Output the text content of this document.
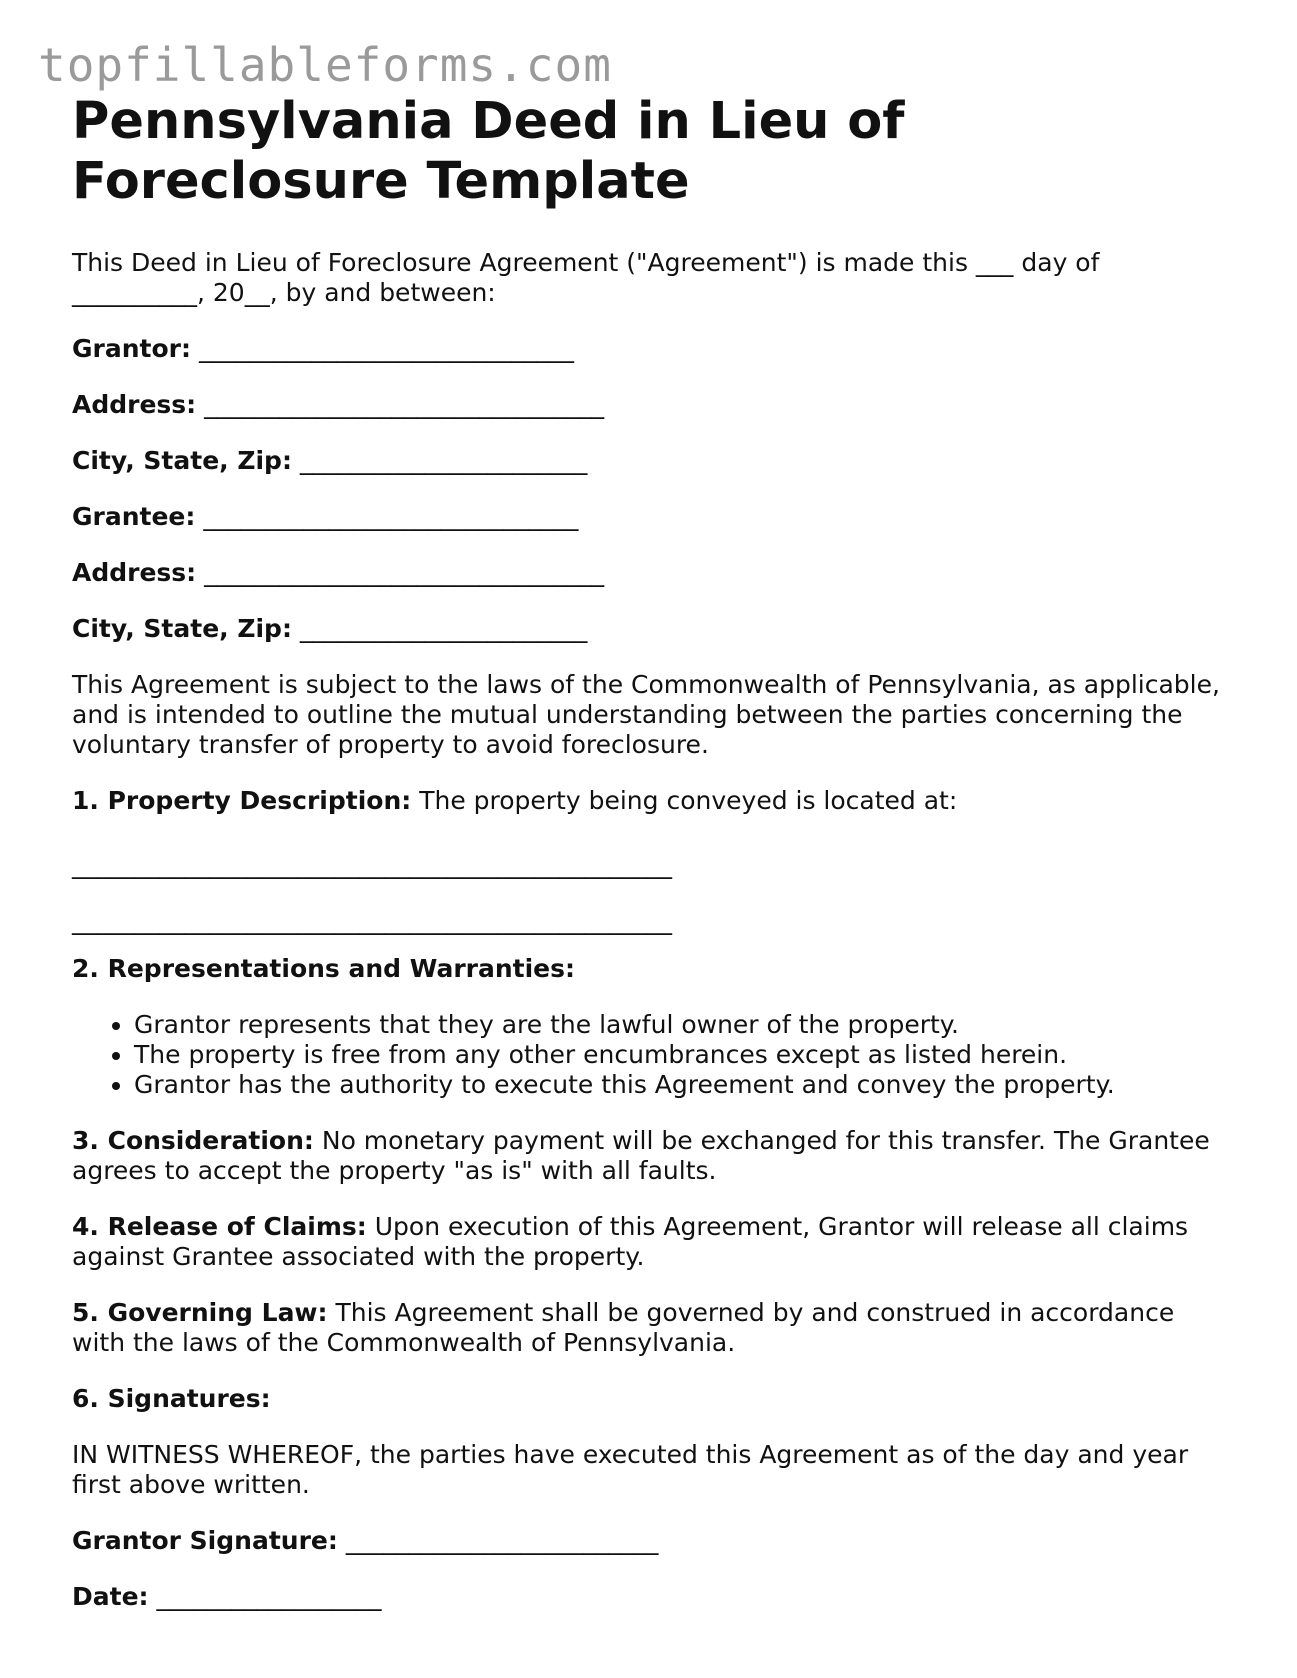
topfillableforms.com
Pennsylvania Deed in Lieu of Foreclosure Template

This Deed in Lieu of Foreclosure Agreement ("Agreement") is made this ___ day of __________, 20__, by and between:

Grantor: ______________________________
Address: ________________________________
City, State, Zip: _______________________
Grantee: ______________________________
Address: ________________________________
City, State, Zip: _______________________

This Agreement is subject to the laws of the Commonwealth of Pennsylvania, as applicable, and is intended to outline the mutual understanding between the parties concerning the voluntary transfer of property to avoid foreclosure.

1. Property Description: The property being conveyed is located at:

________________________________________________
________________________________________________

2. Representations and Warranties:

• Grantor represents that they are the lawful owner of the property.
• The property is free from any other encumbrances except as listed herein.
• Grantor has the authority to execute this Agreement and convey the property.

3. Consideration: No monetary payment will be exchanged for this transfer. The Grantee agrees to accept the property "as is" with all faults.

4. Release of Claims: Upon execution of this Agreement, Grantor will release all claims against Grantee associated with the property.

5. Governing Law: This Agreement shall be governed by and construed in accordance with the laws of the Commonwealth of Pennsylvania.

6. Signatures:

IN WITNESS WHEREOF, the parties have executed this Agreement as of the day and year first above written.

Grantor Signature: _________________________
Date: __________________
